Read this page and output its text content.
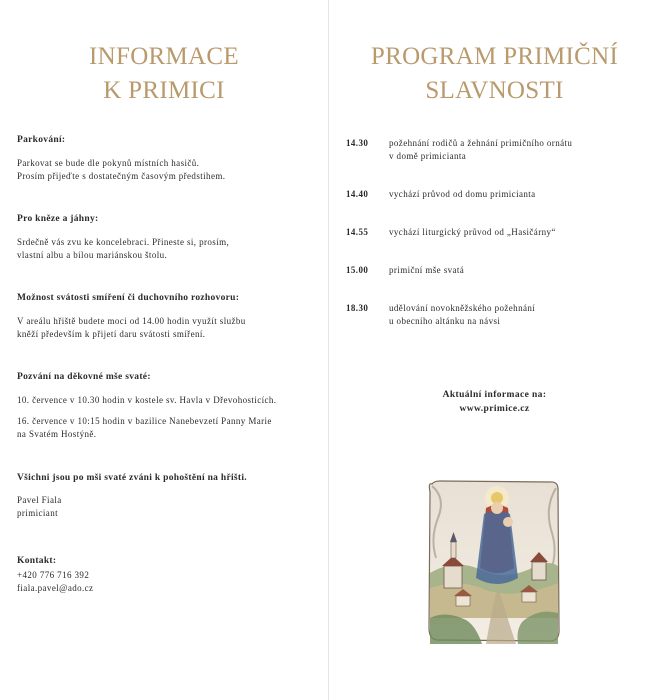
INFORMACE
K PRIMICI

Parkování:

Parkovat se bude dle pokynů místních hasičů.
Prosím přijeďte s dostatečným časovým předstihem.

Pro kněze a jáhny:

Srdečně vás zvu ke koncelebraci. Přineste si, prosím,
vlastní albu a bílou mariánskou štolu.

Možnost svátosti smíření či duchovního rozhovoru:

V areálu hřiště budete moci od 14.00 hodin využít službu
kněží především k přijetí daru svátosti smíření.

Pozvání na děkovné mše svaté:

10. července v 10.30 hodin v kostele sv. Havla v Dřevohosticích.

16. července v 10:15 hodin v bazilice Nanebevzetí Panny Marie
na Svatém Hostýně.

Všichni jsou po mši svaté zváni k pohoštění na hřišti.

Pavel Fiala
primiciant

Kontakt:

+420 776 716 392
fiala.pavel@ado.cz

PROGRAM PRIMIČNÍ
SLAVNOSTI
14.30 požehnání rodičů a žehnání primičního ornátu
v domě primicianta
14.40 vychází průvod od domu primicianta
14.55 vychází liturgický průvod od „Hasičárny“
15.00 primiční mše svatá
18.30 udělování novokněžského požehnání
u obecního altánku na návsi
Aktuální informace na:
www.primice.cz
